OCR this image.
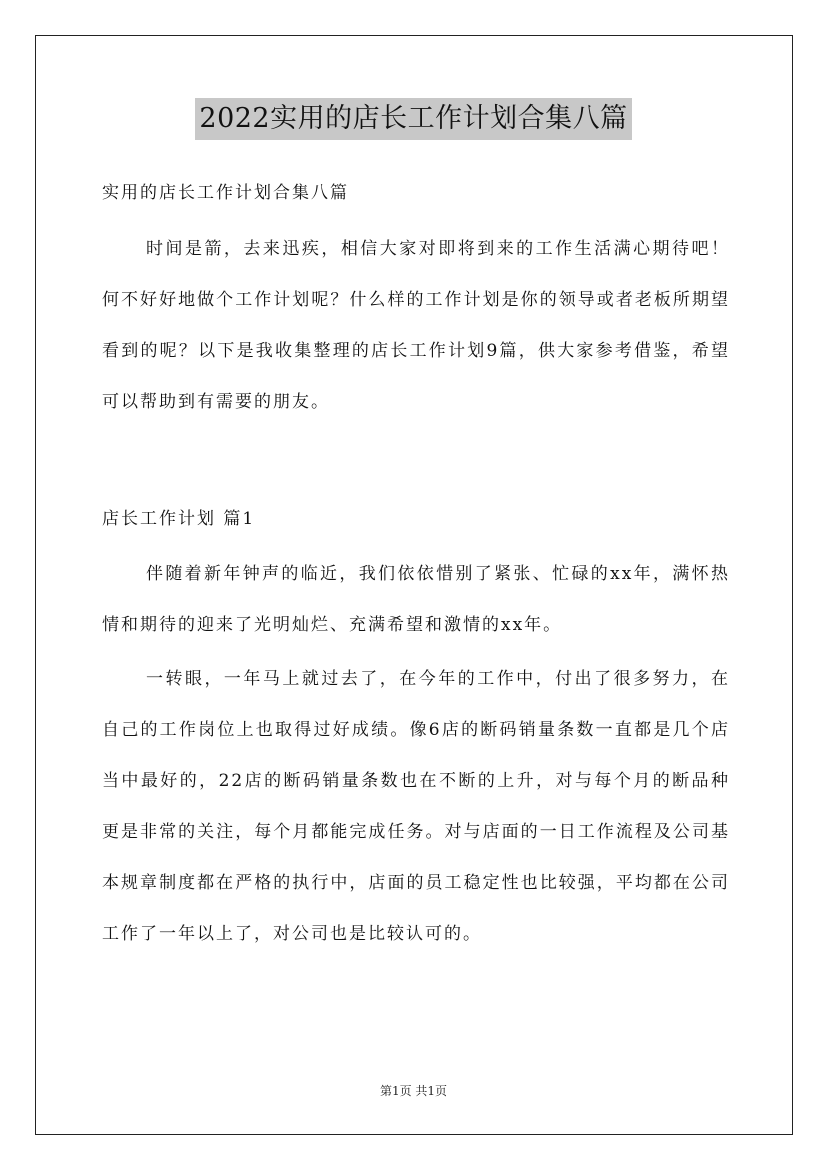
2022实用的店长工作计划合集八篇

实用的店长工作计划合集八篇

时间是箭，去来迅疾，相信大家对即将到来的工作生活满心期待吧！何不好好地做个工作计划呢？什么样的工作计划是你的领导或者老板所期望看到的呢？以下是我收集整理的店长工作计划9篇，供大家参考借鉴，希望可以帮助到有需要的朋友。

店长工作计划 篇1

伴随着新年钟声的临近，我们依依惜别了紧张、忙碌的xx年，满怀热情和期待的迎来了光明灿烂、充满希望和激情的xx年。

一转眼，一年马上就过去了，在今年的工作中，付出了很多努力，在自己的工作岗位上也取得过好成绩。像6店的断码销量条数一直都是几个店当中最好的，22店的断码销量条数也在不断的上升，对与每个月的断品种更是非常的关注，每个月都能完成任务。对与店面的一日工作流程及公司基本规章制度都在严格的执行中，店面的员工稳定性也比较强，平均都在公司工作了一年以上了，对公司也是比较认可的。

第1页 共1页
